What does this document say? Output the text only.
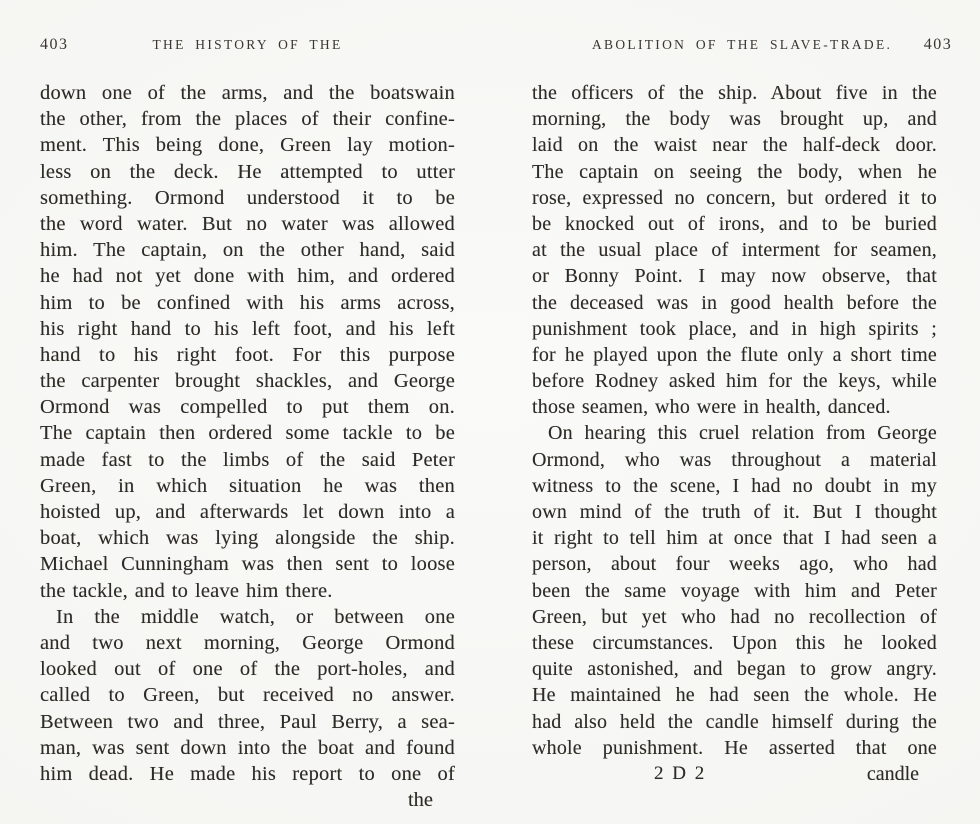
403	THE HISTORY OF THE
down one of the arms, and the boatswain
the other, from the places of their confine-
ment. This being done, Green lay motion-
less on the deck. He attempted to utter
something. Ormond understood it to be
the word water. But no water was allowed
him. The captain, on the other hand, said
he had not yet done with him, and ordered
him to be confined with his arms across,
his right hand to his left foot, and his left
hand to his right foot. For this purpose
the carpenter brought shackles, and George
Ormond was compelled to put them on.
The captain then ordered some tackle to be
made fast to the limbs of the said Peter
Green, in which situation he was then
hoisted up, and afterwards let down into a
boat, which was lying alongside the ship.
Michael Cunningham was then sent to loose
the tackle, and to leave him there.
In the middle watch, or between one
and two next morning, George Ormond
looked out of one of the port-holes, and
called to Green, but received no answer.
Between two and three, Paul Berry, a sea-
man, was sent down into the boat and found
him dead. He made his report to one of
the
ABOLITION OF THE SLAVE-TRADE.	403
the officers of the ship. About five in the
morning, the body was brought up, and
laid on the waist near the half-deck door.
The captain on seeing the body, when he
rose, expressed no concern, but ordered it to
be knocked out of irons, and to be buried
at the usual place of interment for seamen,
or Bonny Point. I may now observe, that
the deceased was in good health before the
punishment took place, and in high spirits ;
for he played upon the flute only a short time
before Rodney asked him for the keys, while
those seamen, who were in health, danced.
On hearing this cruel relation from George
Ormond, who was throughout a material
witness to the scene, I had no doubt in my
own mind of the truth of it. But I thought
it right to tell him at once that I had seen a
person, about four weeks ago, who had
been the same voyage with him and Peter
Green, but yet who had no recollection of
these circumstances. Upon this he looked
quite astonished, and began to grow angry.
He maintained he had seen the whole. He
had also held the candle himself during the
whole punishment. He asserted that one
2 D 2	candle
